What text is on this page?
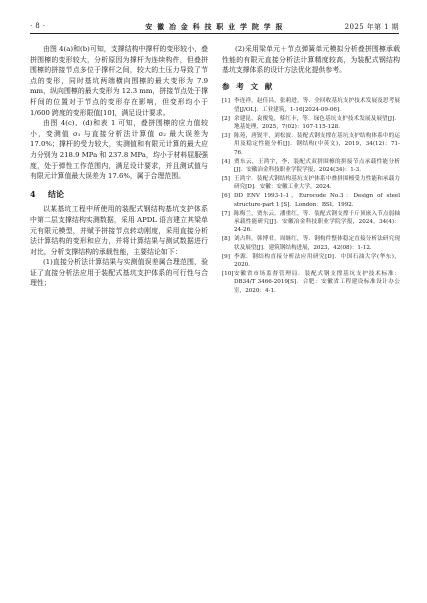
· 8 ·	安 徽 冶 金 科 技 职 业 学 院 学 报	2025 年第 1 期

由图 4(a)和(b)可知，支撑结构中撑杆的变形较小，叠拼围檩的变形较大，分析原因为撑杆为连续构件，但叠拼围檩的拼接节点多位于撑杆之间，较大的土压力导致了节点的变形，同时基坑两端横向围檩的最大变形为 7.9 mm，纵向围檩的最大变形为 12.3 mm，拼接节点处于撑杆间的位置对于节点的变形存在影响，但变形均小于 1/600 跨度的变形限值[10]，满足设计要求。

由图 4(c)、(d)和表 1 可知，叠拼围檩的应力值较小，变测值 σ₁ 与直接分析法计算值 σ₂ 最大误差为 17.0%；撑杆的受力较大，实测值和有限元计算的最大应力分别为 218.9 MPa 和 237.8 MPa，均小于材料屈服强度，处于弹性工作范围内，满足设计要求，并且测试值与有限元计算值最大误差为 17.6%，属于合理范围。

4 结论

以某基坑工程中所使用的装配式钢结构基坑支护体系中第二层支撑结构实测数据，采用 APDL 语言建立其梁单元有限元模型，并赋予拼接节点转动刚度，采用直接分析法计算结构的变形和应力，并将计算结果与测试数据进行对比，分析支撑结构的承载性能，主要结论如下：

(1)直接分析法计算结果与实测值误差属合理范围，验证了直接分析法应用于装配式基坑支护体系的可行性与合理性；

(2)采用梁单元＋节点弹簧单元模拟分析叠拼围檩承载性能的有限元直接分析法计算精度较高，为装配式钢结构基坑支撑体系的设计方法优化提供参考。

参 考 文 献
[1] 李连祥，赵佳昌，张莉进，等．全回收基坑支护技术发展及思考展望[J/OL]．工业建筑，1-16[2024-09-06]．
[2] 余建昆，袁俊兔，蔡红卡，等．绿色基坑支护技术发展及展望[J]．地基处理，2025，7(02)：107-115-128．
[3] 陈苑，唐锐平，刘松波．装配式钢支撑在基坑支护结构体系中的运用及稳定性能分析[J]．钢结构(中英文)，2019，34(12)：71-76．
[4] 贾东云，王鸿宇，李，装配式双拼围檩的拼接节点承载性能分析[J]．安徽冶金科技职业学院学报，2024(34)：1-3．
[5] 王鸿宇．装配式钢结构基坑支护体系中叠拼围檩受力性能和承载力研究[D]．安徽：安徽工业大学，2024．
[6] DD ENV 1993-1-1，Eurocode No.3：Design of steel structure-part 1 [S]．London：BSI，1992．
[7] 陈梅兰，贾东云，潘重红，等．装配式钢支撑千斤顶嵌入节点弱轴承载性能研究[J]．安徽冶金科技职业学院学报，2024，34(4)：24-26．
[8] 刘占科，韩博君，周继红，等．钢构件整体稳定直接分析法研究现状及展望[J]．建筑钢结构进展，2023，42(08)：1-12．
[9] 李源．钢结构直接分析法应用研究[D]．中国石油大学(华东)，2020．
[10] 安徽省市场监督管理局．装配式钢支撑基坑支护技术标准：DB34/T 3466-2019[S]．合肥：安徽省工程建设标准设计办公室，2020：4-1．
